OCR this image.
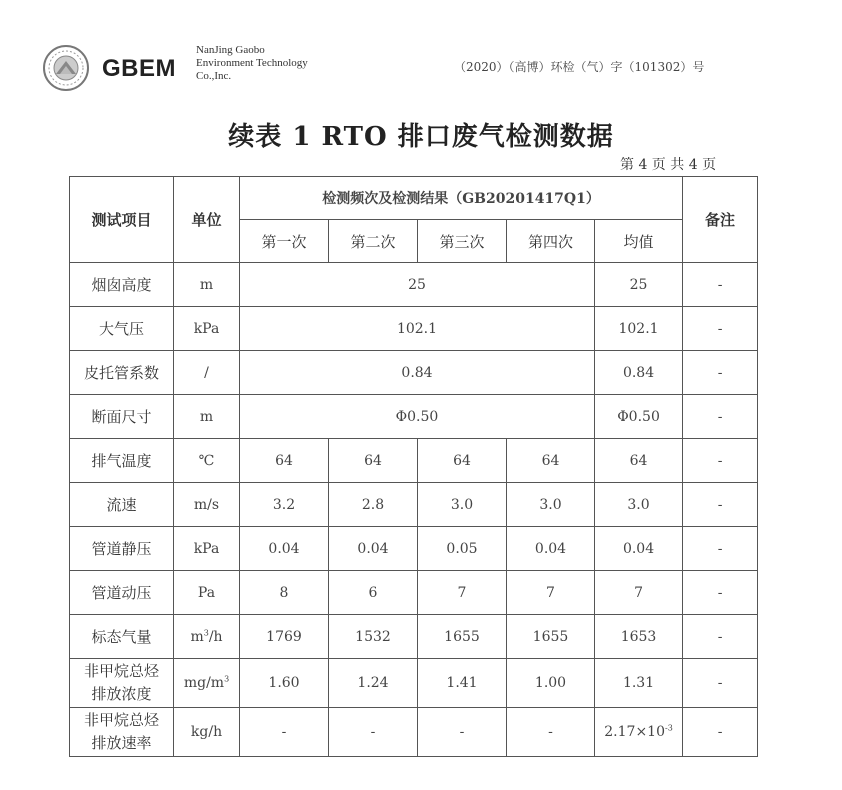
GBEM
NanJing Gaobo
Environment Technology
Co.,Inc.
（2020）（高博）环检（气）字（101302）号
续表 1 RTO 排口废气检测数据
第 4 页 共 4 页
测试项目	单位	检测频次及检测结果（GB20201417Q1）					备注
		第一次	第二次	第三次	第四次	均值	
烟囱高度	m	25				25	-
大气压	kPa	102.1				102.1	-
皮托管系数	/	0.84				0.84	-
断面尺寸	m	Φ0.50				Φ0.50	-
排气温度	℃	64	64	64	64	64	-
流速	m/s	3.2	2.8	3.0	3.0	3.0	-
管道静压	kPa	0.04	0.04	0.05	0.04	0.04	-
管道动压	Pa	8	6	7	7	7	-
标态气量	$m^3/h$	1769	1532	1655	1655	1653	-
非甲烷总烃
排放浓度	$mg/m^3$	1.60	1.24	1.41	1.00	1.31	-
非甲烷总烃
排放速率	kg/h	-	-	-	-	$2.17\times 10^{-3}$	-
